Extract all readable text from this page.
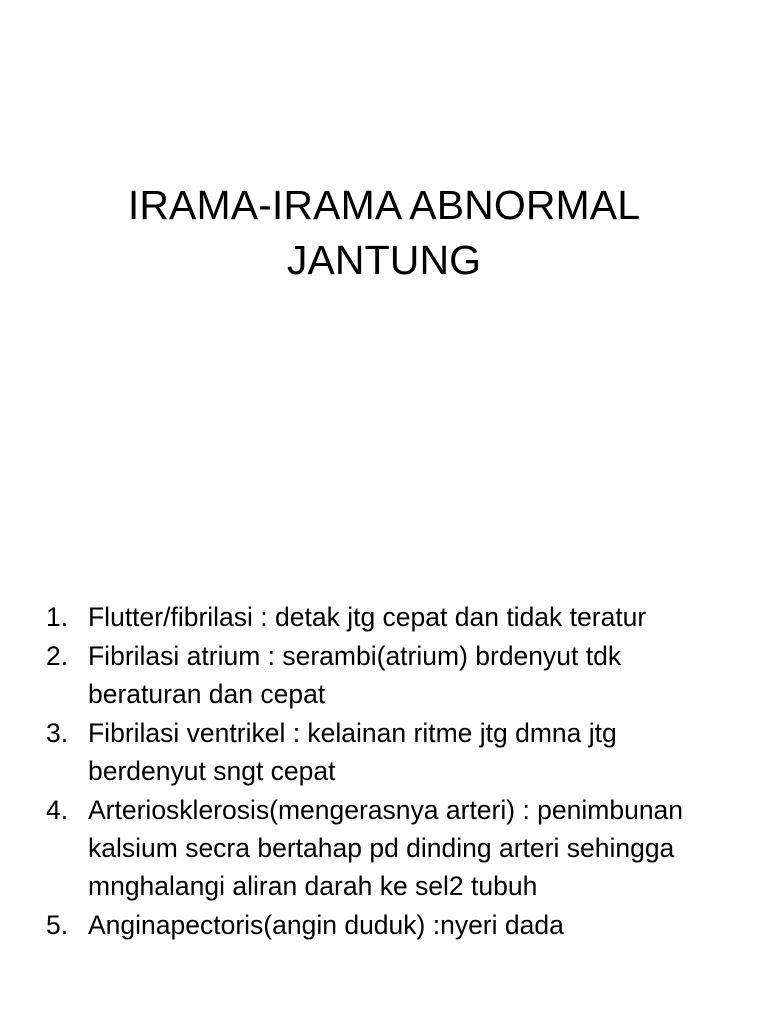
IRAMA-IRAMA ABNORMAL JANTUNG
1. Flutter/fibrilasi : detak jtg cepat dan tidak teratur
2. Fibrilasi atrium : serambi(atrium) brdenyut tdk beraturan dan cepat
3. Fibrilasi ventrikel : kelainan ritme jtg dmna jtg berdenyut sngt cepat
4. Arteriosklerosis(mengerasnya arteri) : penimbunan kalsium secra bertahap pd dinding arteri sehingga mnghalangi aliran darah ke sel2 tubuh
5. Anginapectoris(angin duduk) :nyeri dada
